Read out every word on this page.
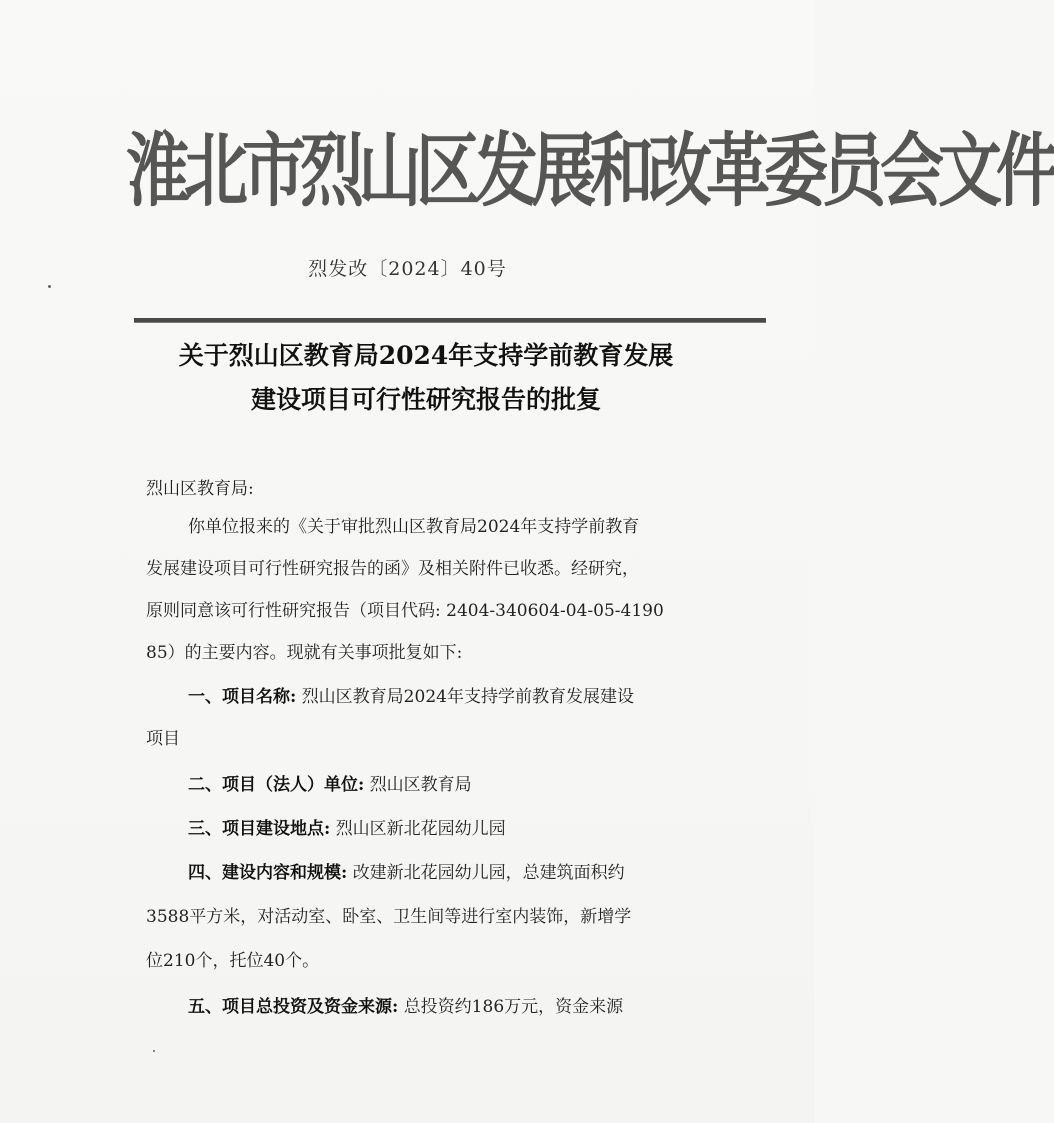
淮北市烈山区发展和改革委员会文件
烈发改〔2024〕40号
关于烈山区教育局2024年支持学前教育发展
建设项目可行性研究报告的批复
烈山区教育局:
你单位报来的《关于审批烈山区教育局2024年支持学前教育
发展建设项目可行性研究报告的函》及相关附件已收悉。经研究，
原则同意该可行性研究报告（项目代码: 2404-340604-04-05-4190
85）的主要内容。现就有关事项批复如下:
一、项目名称: 烈山区教育局2024年支持学前教育发展建设
项目
二、项目（法人）单位: 烈山区教育局
三、项目建设地点: 烈山区新北花园幼儿园
四、建设内容和规模: 改建新北花园幼儿园，总建筑面积约
3588平方米，对活动室、卧室、卫生间等进行室内装饰，新增学
位210个，托位40个。
五、项目总投资及资金来源: 总投资约186万元，资金来源
